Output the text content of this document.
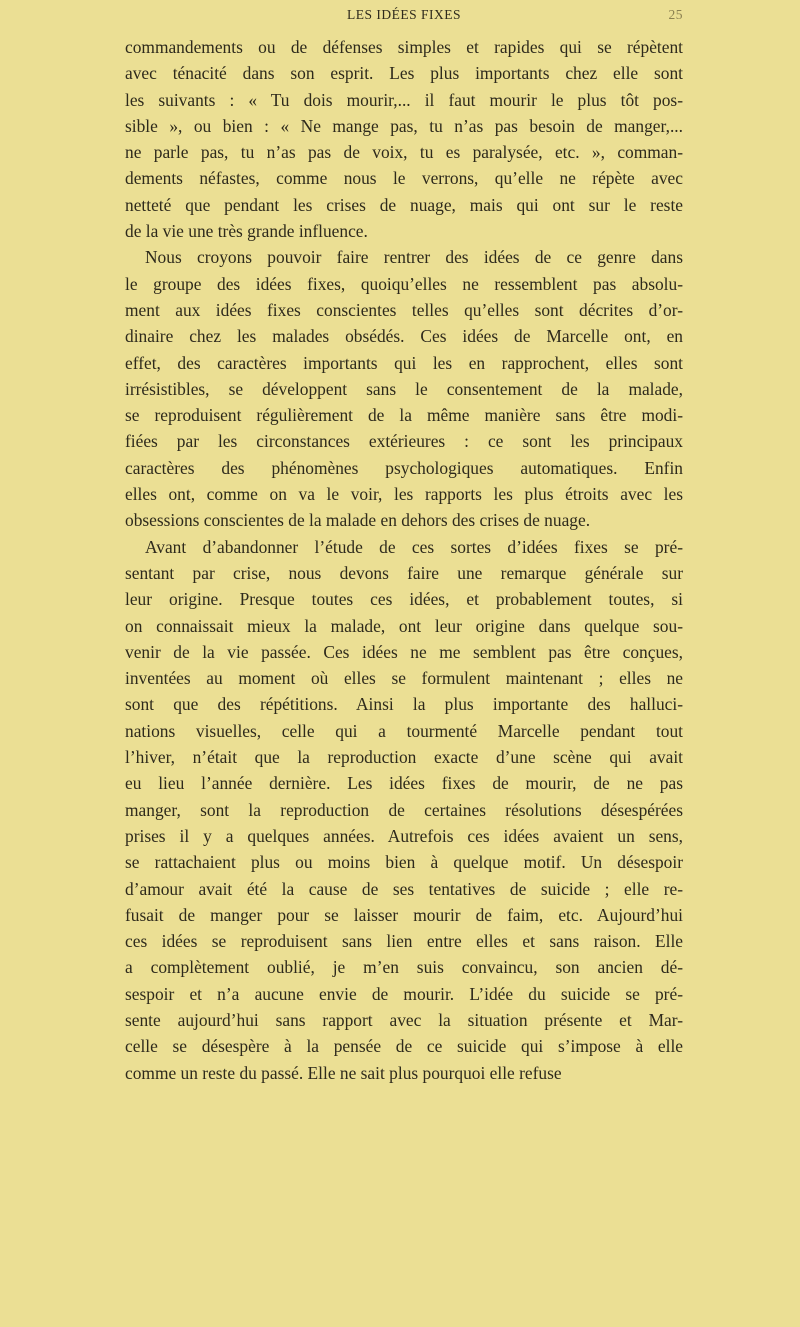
LES IDÉES FIXES	25
commandements ou de défenses simples et rapides qui se répètent
avec ténacité dans son esprit. Les plus importants chez elle sont
les suivants : « Tu dois mourir,... il faut mourir le plus tôt pos-
sible », ou bien : « Ne mange pas, tu n’as pas besoin de manger,...
ne parle pas, tu n’as pas de voix, tu es paralysée, etc. », comman-
dements néfastes, comme nous le verrons, qu’elle ne répète avec
netteté que pendant les crises de nuage, mais qui ont sur le reste
de la vie une très grande influence.
Nous croyons pouvoir faire rentrer des idées de ce genre dans
le groupe des idées fixes, quoiqu’elles ne ressemblent pas absolu-
ment aux idées fixes conscientes telles qu’elles sont décrites d’or-
dinaire chez les malades obsédés. Ces idées de Marcelle ont, en
effet, des caractères importants qui les en rapprochent, elles sont
irrésistibles, se développent sans le consentement de la malade,
se reproduisent régulièrement de la même manière sans être modi-
fiées par les circonstances extérieures : ce sont les principaux
caractères des phénomènes psychologiques automatiques. Enfin
elles ont, comme on va le voir, les rapports les plus étroits avec les
obsessions conscientes de la malade en dehors des crises de nuage.
Avant d’abandonner l’étude de ces sortes d’idées fixes se pré-
sentant par crise, nous devons faire une remarque générale sur
leur origine. Presque toutes ces idées, et probablement toutes, si
on connaissait mieux la malade, ont leur origine dans quelque sou-
venir de la vie passée. Ces idées ne me semblent pas être conçues,
inventées au moment où elles se formulent maintenant ; elles ne
sont que des répétitions. Ainsi la plus importante des halluci-
nations visuelles, celle qui a tourmenté Marcelle pendant tout
l’hiver, n’était que la reproduction exacte d’une scène qui avait
eu lieu l’année dernière. Les idées fixes de mourir, de ne pas
manger, sont la reproduction de certaines résolutions désespérées
prises il y a quelques années. Autrefois ces idées avaient un sens,
se rattachaient plus ou moins bien à quelque motif. Un désespoir
d’amour avait été la cause de ses tentatives de suicide ; elle re-
fusait de manger pour se laisser mourir de faim, etc. Aujourd’hui
ces idées se reproduisent sans lien entre elles et sans raison. Elle
a complètement oublié, je m’en suis convaincu, son ancien dé-
sespoir et n’a aucune envie de mourir. L’idée du suicide se pré-
sente aujourd’hui sans rapport avec la situation présente et Mar-
celle se désespère à la pensée de ce suicide qui s’impose à elle
comme un reste du passé. Elle ne sait plus pourquoi elle refuse
